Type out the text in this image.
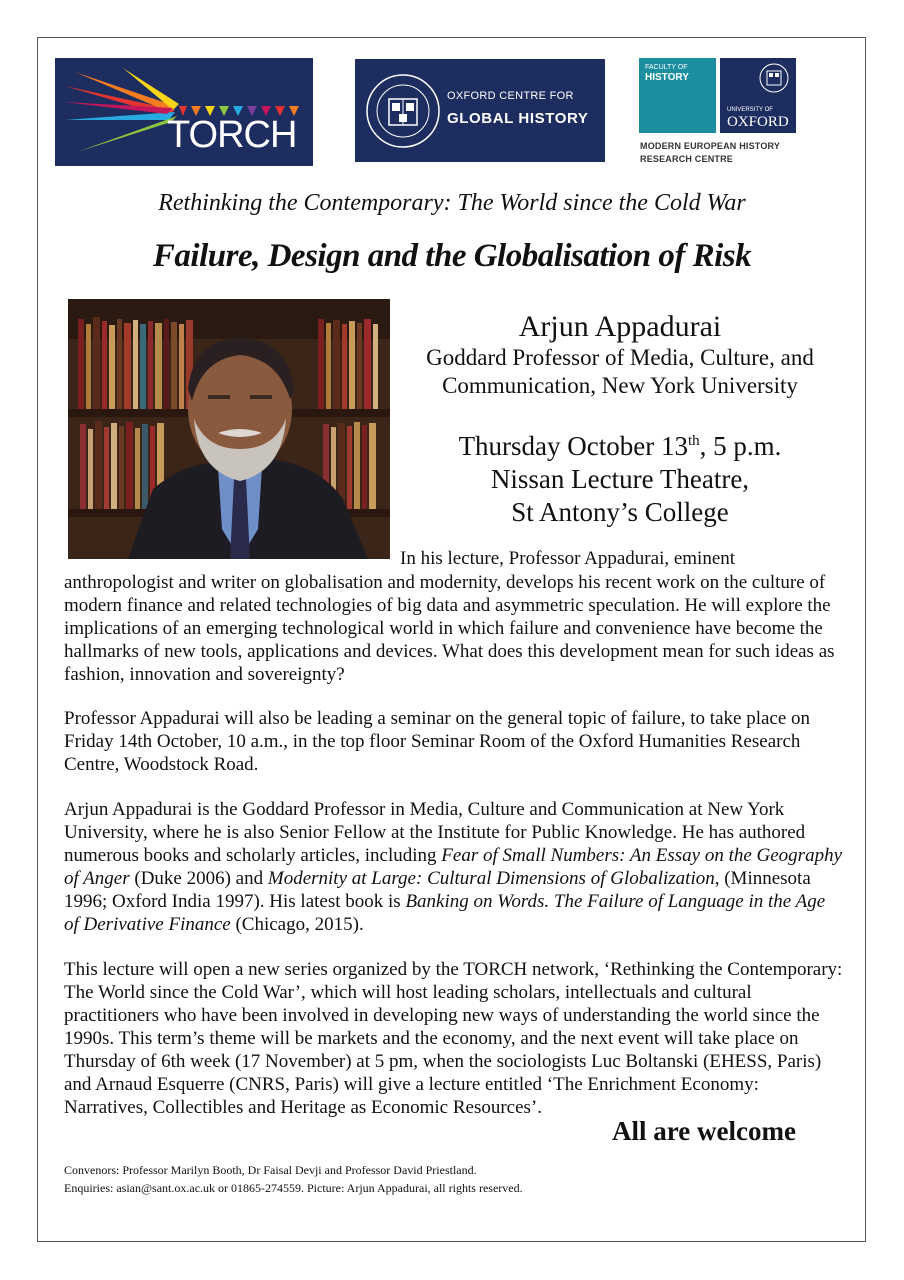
TORCH
OXFORD CENTRE FOR
GLOBAL HISTORY
FACULTY OF
HISTORY
UNIVERSITY OF
OXFORD
MODERN EUROPEAN HISTORY
RESEARCH CENTRE
Rethinking the Contemporary: The World since the Cold War
Failure, Design and the Globalisation of Risk
Arjun Appadurai
Goddard Professor of Media, Culture, and
Communication, New York University
Thursday October 13th, 5 p.m.
Nissan Lecture Theatre,
St Antony’s College
In his lecture, Professor Appadurai, eminent
anthropologist and writer on globalisation and modernity, develops his recent work on the culture of modern finance and related technologies of big data and asymmetric speculation. He will explore the implications of an emerging technological world in which failure and convenience have become the hallmarks of new tools, applications and devices. What does this development mean for such ideas as fashion, innovation and sovereignty?
Professor Appadurai will also be leading a seminar on the general topic of failure, to take place on Friday 14th October, 10 a.m., in the top floor Seminar Room of the Oxford Humanities Research Centre, Woodstock Road.
Arjun Appadurai is the Goddard Professor in Media, Culture and Communication at New York University, where he is also Senior Fellow at the Institute for Public Knowledge. He has authored numerous books and scholarly articles, including Fear of Small Numbers: An Essay on the Geography of Anger (Duke 2006) and Modernity at Large: Cultural Dimensions of Globalization, (Minnesota 1996; Oxford India 1997). His latest book is Banking on Words. The Failure of Language in the Age of Derivative Finance (Chicago, 2015).
This lecture will open a new series organized by the TORCH network, ‘Rethinking the Contemporary: The World since the Cold War’, which will host leading scholars, intellectuals and cultural practitioners who have been involved in developing new ways of understanding the world since the 1990s. This term’s theme will be markets and the economy, and the next event will take place on Thursday of 6th week (17 November) at 5 pm, when the sociologists Luc Boltanski (EHESS, Paris) and Arnaud Esquerre (CNRS, Paris) will give a lecture entitled ‘The Enrichment Economy: Narratives, Collectibles and Heritage as Economic Resources’.
All are welcome
Convenors: Professor Marilyn Booth, Dr Faisal Devji and Professor David Priestland.
Enquiries: asian@sant.ox.ac.uk or 01865-274559. Picture: Arjun Appadurai, all rights reserved.
